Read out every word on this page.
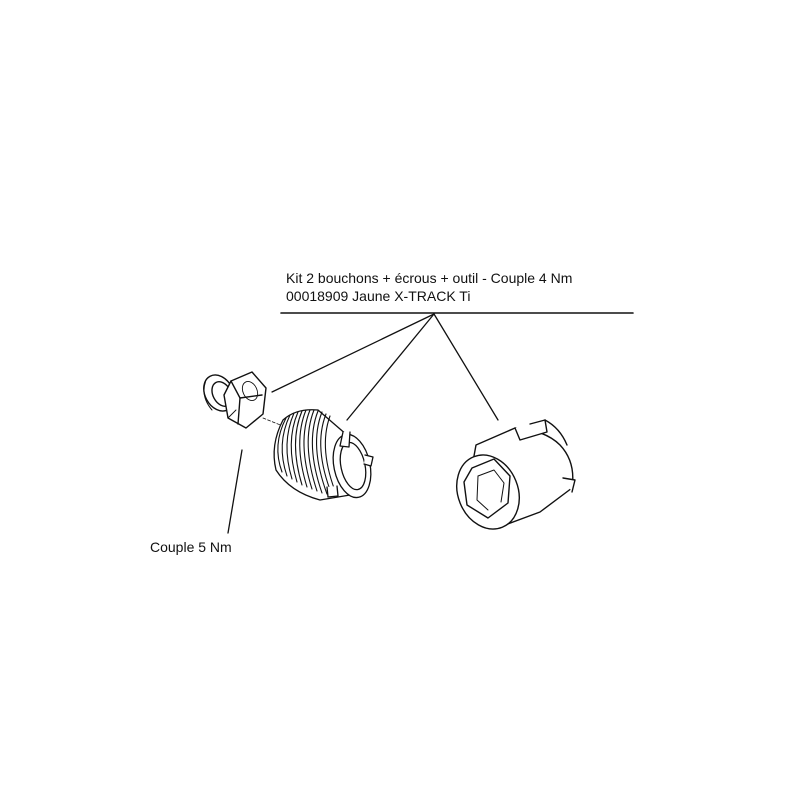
Kit 2 bouchons + écrous + outil - Couple 4 Nm
00018909 Jaune X-TRACK Ti
Couple 5 Nm
